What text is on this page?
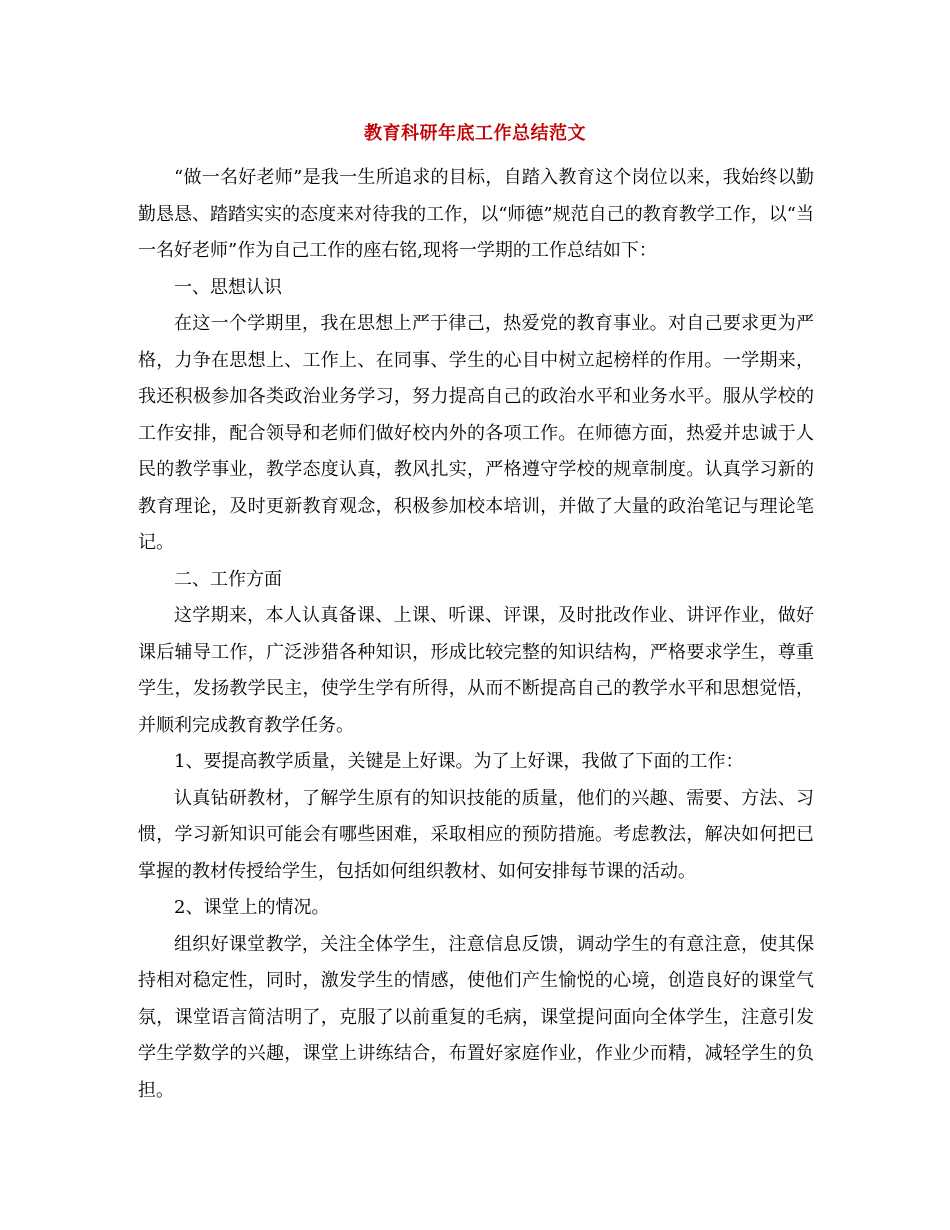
教育科研年底工作总结范文

“做一名好老师”是我一生所追求的目标，自踏入教育这个岗位以来，我始终以勤勤恳恳、踏踏实实的态度来对待我的工作，以“师德”规范自己的教育教学工作，以“当一名好老师”作为自己工作的座右铭,现将一学期的工作总结如下：

一、思想认识

在这一个学期里，我在思想上严于律己，热爱党的教育事业。对自己要求更为严格，力争在思想上、工作上、在同事、学生的心目中树立起榜样的作用。一学期来，我还积极参加各类政治业务学习，努力提高自己的政治水平和业务水平。服从学校的工作安排，配合领导和老师们做好校内外的各项工作。在师德方面，热爱并忠诚于人民的教学事业，教学态度认真，教风扎实，严格遵守学校的规章制度。认真学习新的教育理论，及时更新教育观念，积极参加校本培训，并做了大量的政治笔记与理论笔记。

二、工作方面

这学期来，本人认真备课、上课、听课、评课，及时批改作业、讲评作业，做好课后辅导工作，广泛涉猎各种知识，形成比较完整的知识结构，严格要求学生，尊重学生，发扬教学民主，使学生学有所得，从而不断提高自己的教学水平和思想觉悟，并顺利完成教育教学任务。

1、要提高教学质量，关键是上好课。为了上好课，我做了下面的工作：

认真钻研教材，了解学生原有的知识技能的质量，他们的兴趣、需要、方法、习惯，学习新知识可能会有哪些困难，采取相应的预防措施。考虑教法，解决如何把已掌握的教材传授给学生，包括如何组织教材、如何安排每节课的活动。

2、课堂上的情况。

组织好课堂教学，关注全体学生，注意信息反馈，调动学生的有意注意，使其保持相对稳定性，同时，激发学生的情感，使他们产生愉悦的心境，创造良好的课堂气氛，课堂语言简洁明了，克服了以前重复的毛病，课堂提问面向全体学生，注意引发学生学数学的兴趣，课堂上讲练结合，布置好家庭作业，作业少而精，减轻学生的负担。
